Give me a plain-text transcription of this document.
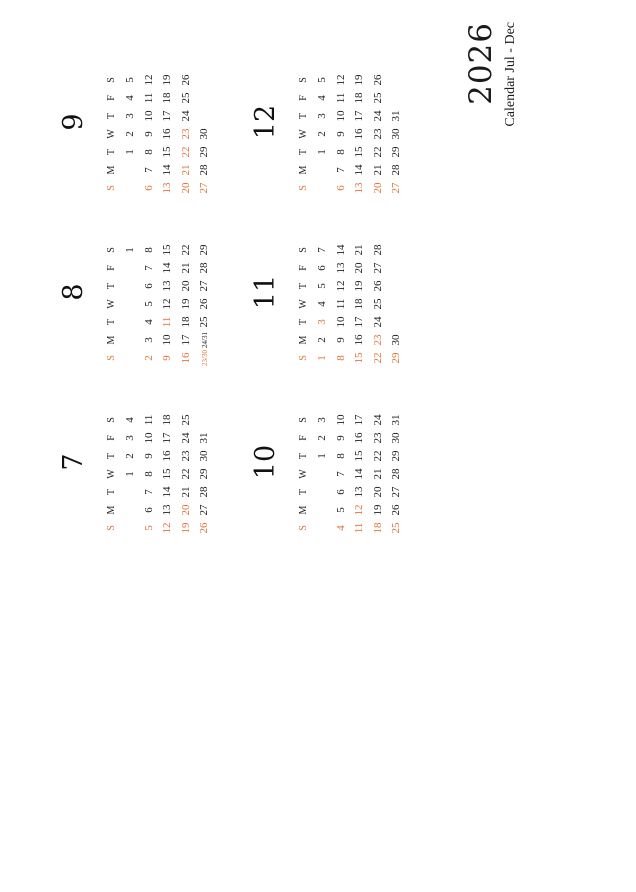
7
S	M	T	W	T	F	S
			1	2	3	4
5	6	7	8	9	10	11
12	13	14	15	16	17	18
19	20	21	22	23	24	25
26	27	28	29	30	31	
8
S	M	T	W	T	F	S
						1
2	3	4	5	6	7	8
9	10	11	12	13	14	15
16	17	18	19	20	21	22
23/30	24/31	25	26	27	28	29
9
S	M	T	W	T	F	S
		1	2	3	4	5
6	7	8	9	10	11	12
13	14	15	16	17	18	19
20	21	22	23	24	25	26
27	28	29	30			
10
S	M	T	W	T	F	S
				1	2	3
4	5	6	7	8	9	10
11	12	13	14	15	16	17
18	19	20	21	22	23	24
25	26	27	28	29	30	31
11
S	M	T	W	T	F	S
1	2	3	4	5	6	7
8	9	10	11	12	13	14
15	16	17	18	19	20	21
22	23	24	25	26	27	28
29	30					
12
S	M	T	W	T	F	S
		1	2	3	4	5
6	7	8	9	10	11	12
13	14	15	16	17	18	19
20	21	22	23	24	25	26
27	28	29	30	31		
2026 Calendar Jul - Dec
